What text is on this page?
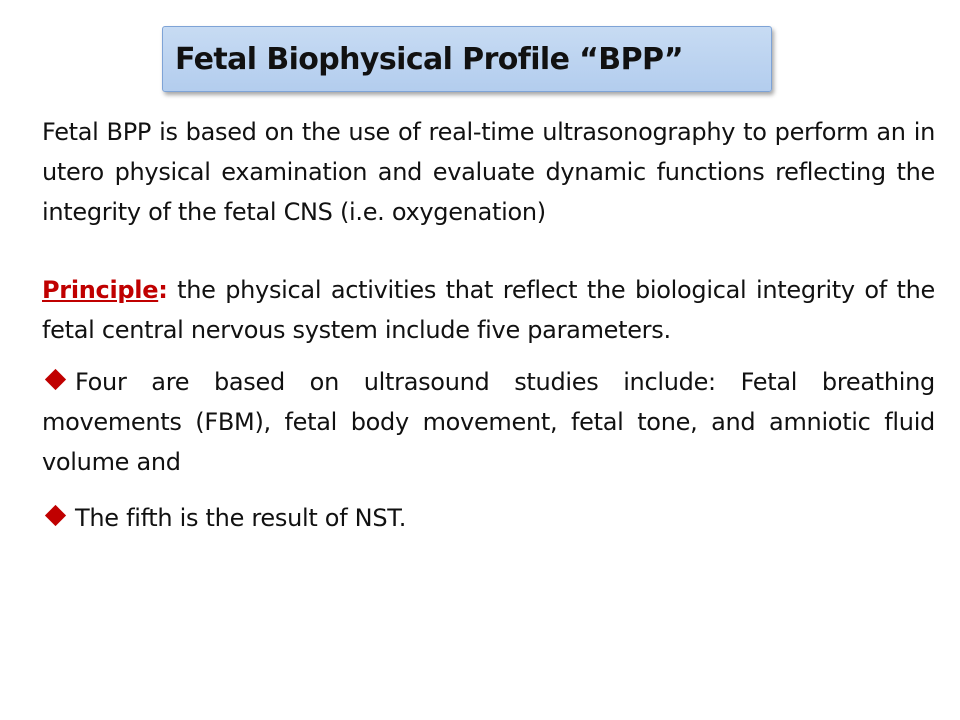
Fetal Biophysical Profile “BPP”

Fetal BPP is based on the use of real-time ultrasonography to perform an in utero physical examination and evaluate dynamic functions reflecting the integrity of the fetal CNS (i.e. oxygenation)

Principle: the physical activities that reflect the biological integrity of the fetal central nervous system include five parameters.

Four are based on ultrasound studies include: Fetal breathing movements (FBM), fetal body movement, fetal tone, and amniotic fluid volume and

The fifth is the result of NST.
